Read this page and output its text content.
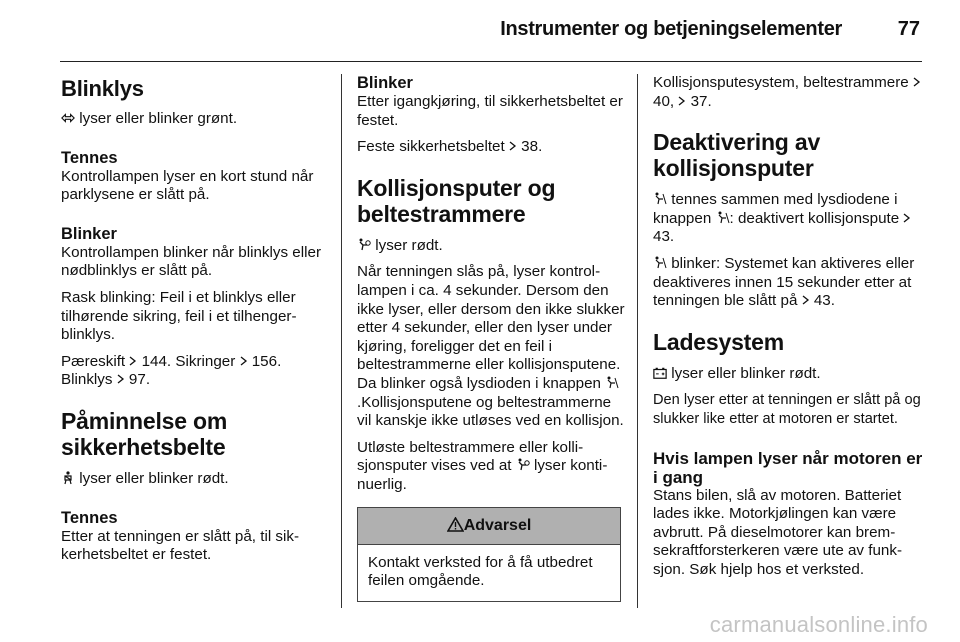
Instrumenter og betjeningselementer	77
Blinklys

lyser eller blinker grønt.

Tennes

Kontrollampen lyser en kort stund når parklysene er slått på.

Blinker

Kontrollampen blinker når blinklys eller nødblinklys er slått på.

Rask blinking: Feil i et blinklys eller tilhørende sikring, feil i et tilhengerblinklys.

Pæreskift  144. Sikringer  156.
Blinklys  97.

Påminnelse om sikkerhetsbelte

lyser eller blinker rødt.

Tennes

Etter at tenningen er slått på, til sikkerhetsbeltet er festet.

Blinker

Etter igangkjøring, til sikkerhetsbeltet er festet.

Feste sikkerhetsbeltet  38.

Kollisjonsputer og beltestrammere

lyser rødt.

Når tenningen slås på, lyser kontrollampen i ca. 4 sekunder. Dersom den ikke lyser, eller dersom den ikke slukker etter 4 sekunder, eller den lyser under kjøring, foreligger det en feil i beltestrammerne eller kollisjonsputene. Da blinker også lysdioden i knappen .Kollisjonsputene og beltestrammerne vil kanskje ikke utløses ved en kollisjon.

Utløste beltestrammere eller kollisjonsputer vises ved at  lyser kontinuerlig.

Advarsel
Kontakt verksted for å få utbedret feilen omgående.

Kollisjonsputesystem, beltestrammere  40,  37.

Deaktivering av kollisjonsputer

tennes sammen med lysdiodene i knappen : deaktivert kollisjonspute  43.

blinker: Systemet kan aktiveres eller deaktiveres innen 15 sekunder etter at tenningen ble slått på  43.

Ladesystem

lyser eller blinker rødt.

Den lyser etter at tenningen er slått på og slukker like etter at motoren er startet.

Hvis lampen lyser når motoren er i gang

Stans bilen, slå av motoren. Batteriet lades ikke. Motorkjølingen kan være avbrutt. På dieselmotorer kan bremsekraftforsterkeren være ute av funksjon. Søk hjelp hos et verksted.

carmanualsonline.info
